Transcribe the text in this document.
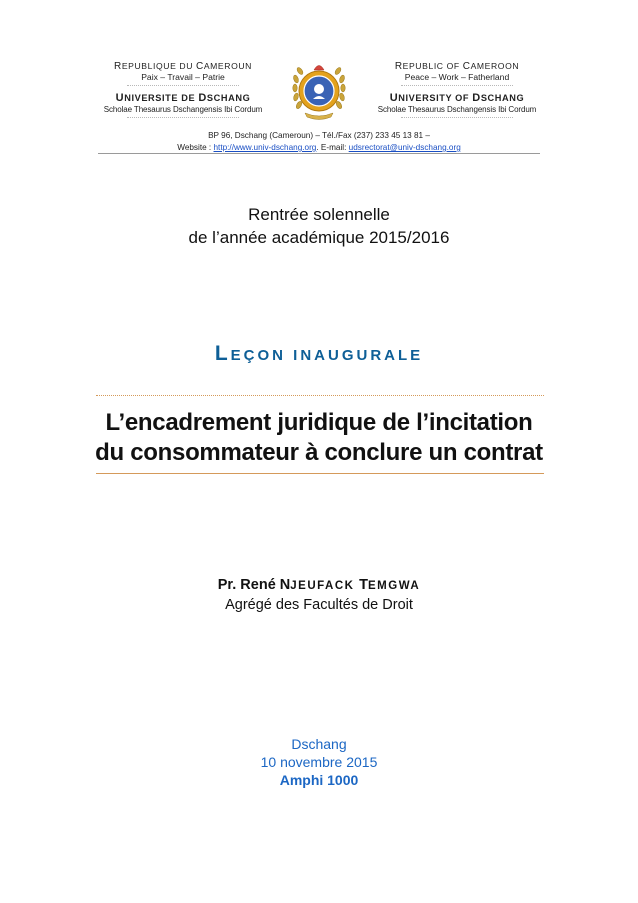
REPUBLIQUE DU CAMEROUN
Paix – Travail – Patrie
UNIVERSITE DE DSCHANG
Scholae Thesaurus Dschangensis Ibi Cordum
REPUBLIC OF CAMEROON
Peace – Work – Fatherland
UNIVERSITY OF DSCHANG
Scholae Thesaurus Dschangensis Ibi Cordum
BP 96, Dschang (Cameroun) – Tél./Fax (237) 233 45 13 81 –
Website : http://www.univ-dschang.org. E-mail: udsrectorat@univ-dschang.org
Rentrée solennelle
de l’année académique 2015/2016
LEÇON INAUGURALE
L’encadrement juridique de l’incitation
du consommateur à conclure un contrat
Pr. René NJEUFACK TEMGWA
Agrégé des Facultés de Droit
Dschang
10 novembre 2015
Amphi 1000
